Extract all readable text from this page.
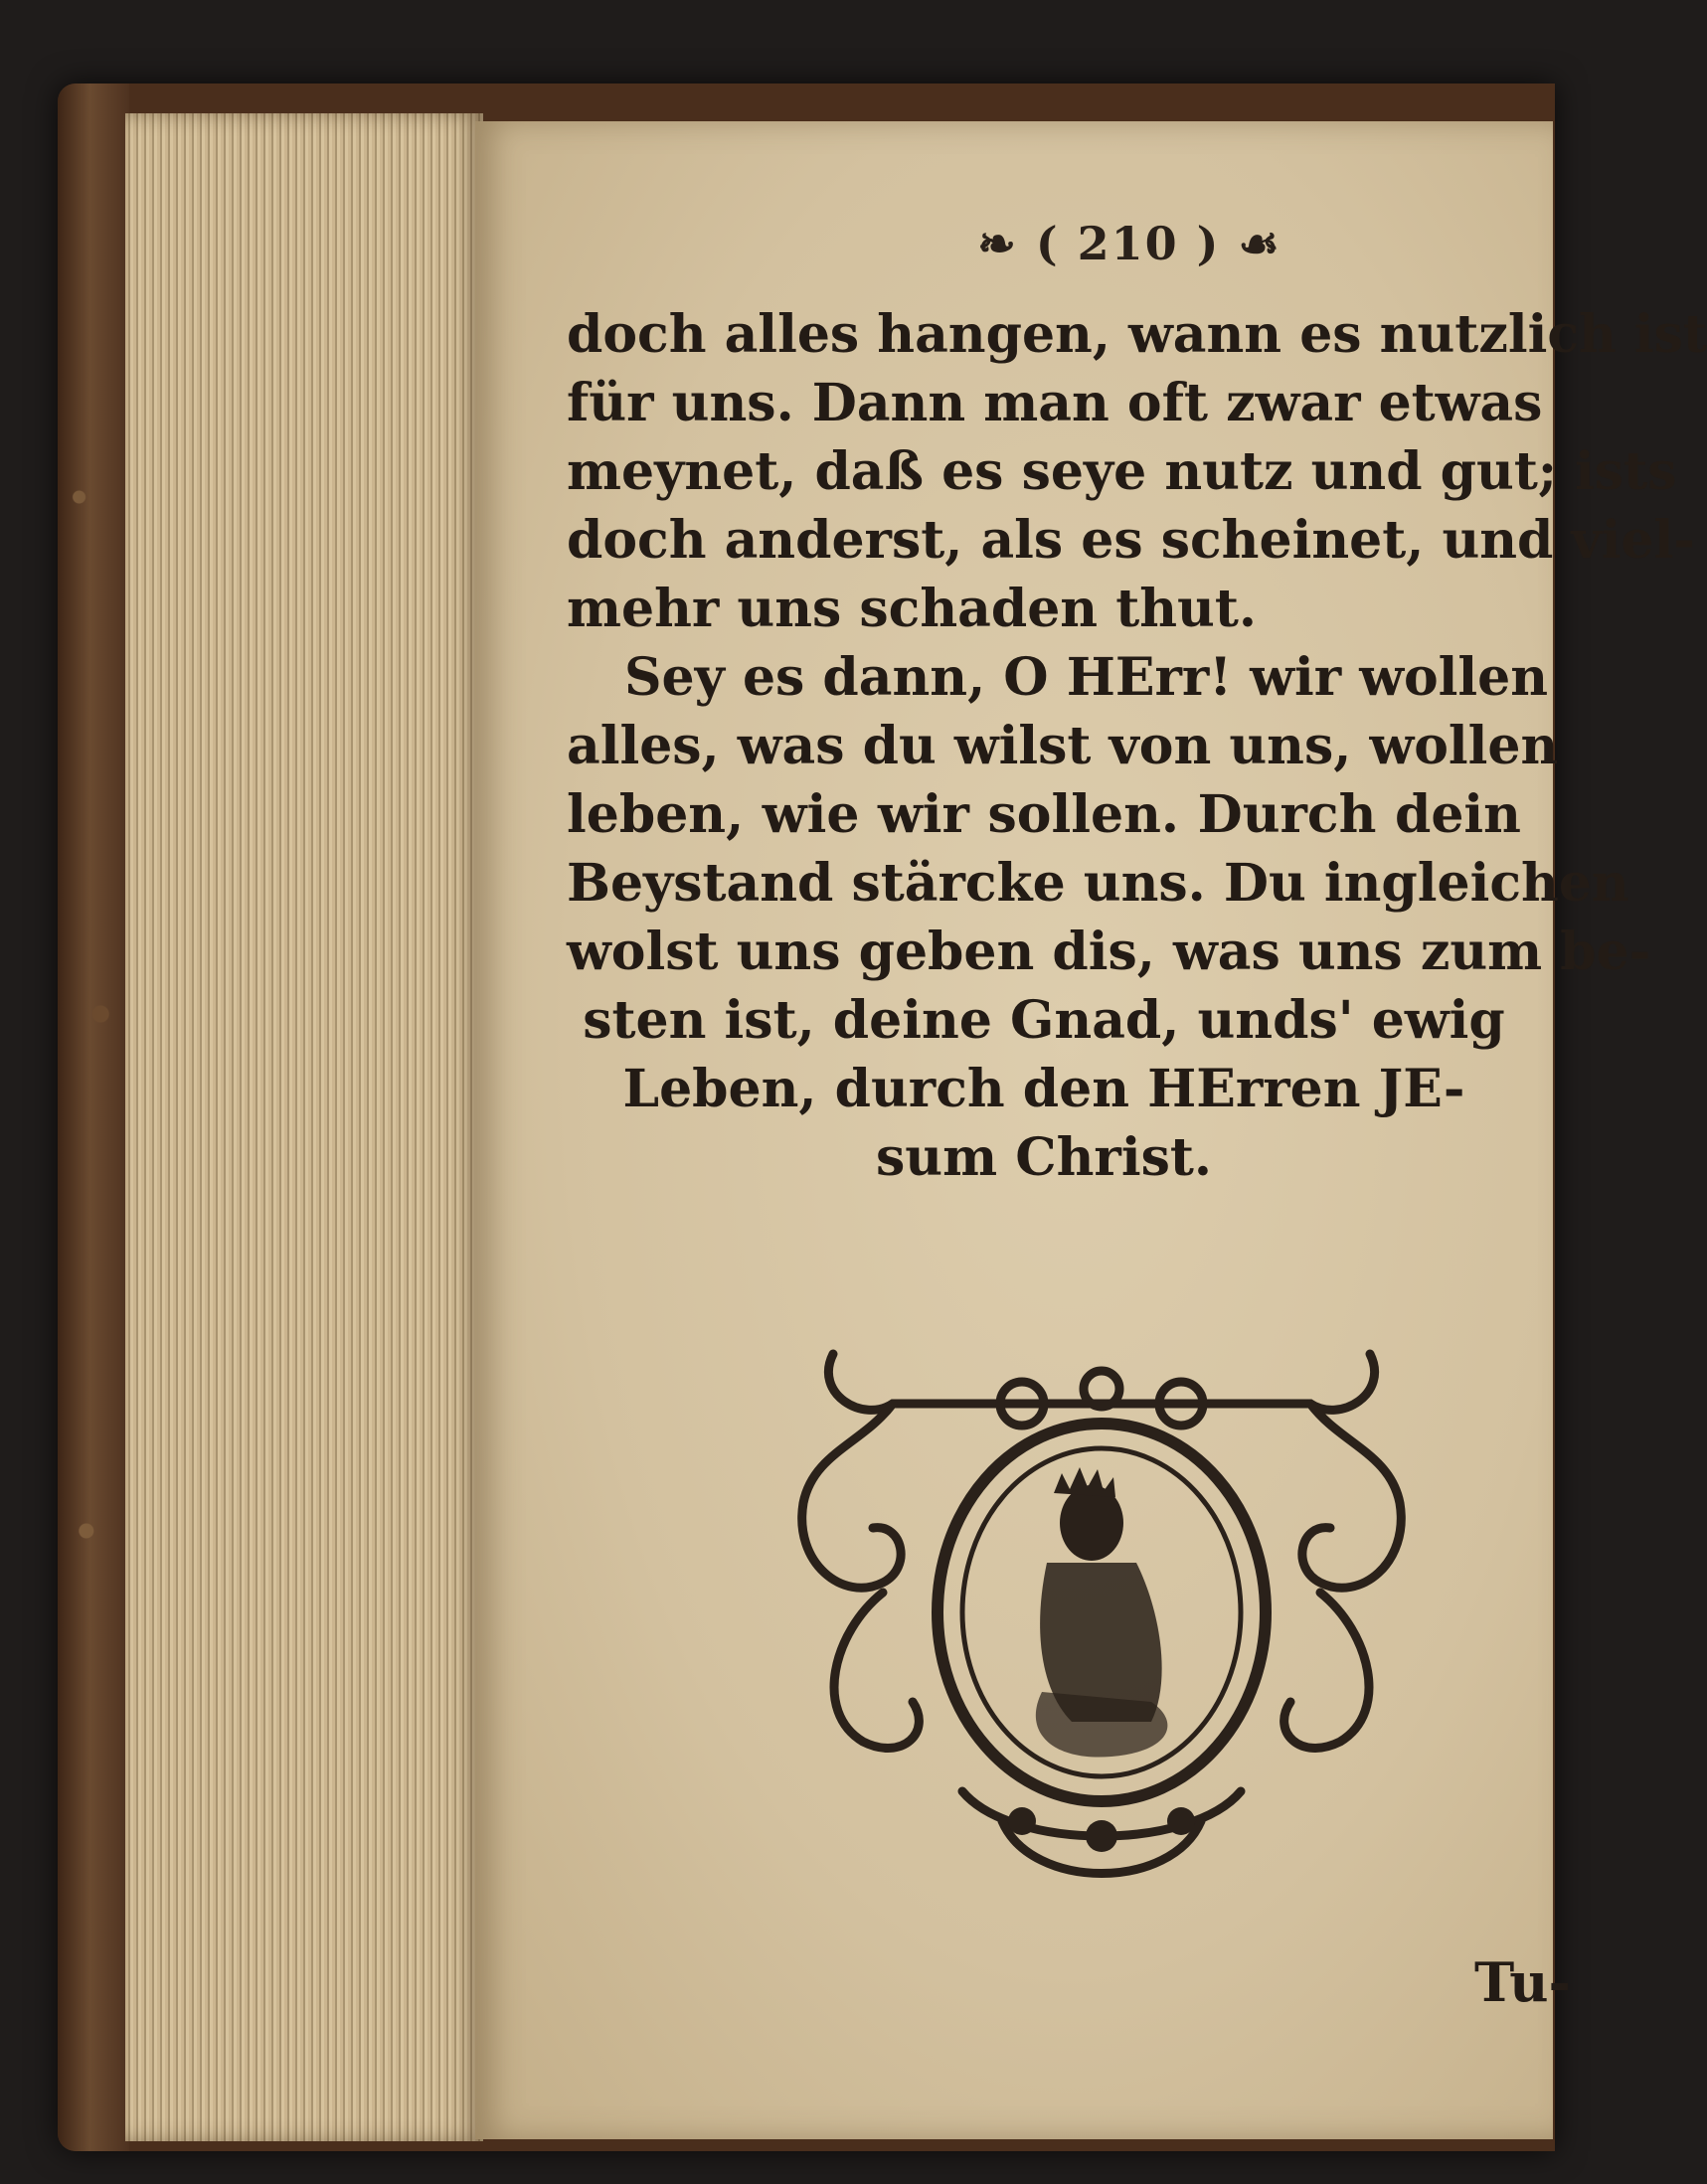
❧ ( 210 ) ☙
doch alles hangen, wann es nutzlich ist
für uns. Dann man oft zwar etwas
meynet, daß es seye nutz und gut; ists
doch anderst, als es scheinet, und viel-
mehr uns schaden thut.
Sey es dann, O HErr! wir wollen
alles, was du wilst von uns, wollen
leben, wie wir sollen. Durch dein
Beystand stärcke uns. Du ingleichen
wolst uns geben dis, was uns zum be-
sten ist, deine Gnad, unds' ewig
Leben, durch den HErren JE-
sum Christ.
Tu-
